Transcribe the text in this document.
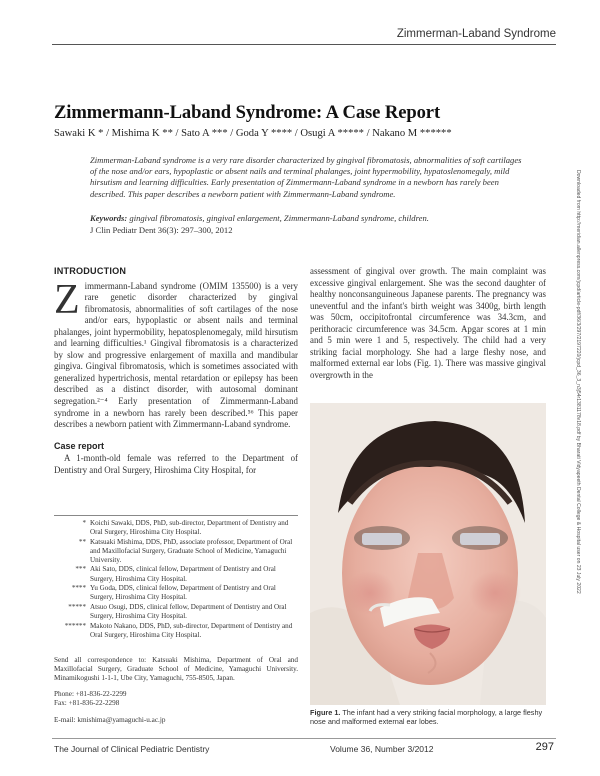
Zimmerman-Laband Syndrome
Zimmermann-Laband Syndrome: A Case Report
Sawaki K * / Mishima K ** / Sato A *** / Goda Y **** / Osugi A ***** / Nakano M ******

Zimmerman-Laband syndrome is a very rare disorder characterized by gingival fibromatosis, abnormalities of soft cartilages of the nose and/or ears, hypoplastic or absent nails and terminal phalanges, joint hypermobility, hypatoslenomegaly, mild hirsutism and learning difficulties. Early presentation of Zimmermann-Laband syndrome in a newborn has rarely been described. This paper describes a newborn patient with Zimmermann-Laband syndrome.

Keywords: gingival fibromatosis, gingival enlargement, Zimmermann-Laband syndrome, children.

J Clin Pediatr Dent 36(3): 297–300, 2012	Downloaded from http://meridian.allenpress.com/jcpd/article-pdf/36/3/297/2197220/jcpd_36_3_n3j54r1381178v18.pdf by Bharati Vidyapeeth Dental College & Hospital user on 23 July 2022
INTRODUCTION

Zimmermann-Laband syndrome (OMIM 135500) is a very rare genetic disorder characterized by gingival fibromatosis, abnormalities of soft cartilages of the nose and/or ears, hypoplastic or absent nails and terminal phalanges, joint hypermobility, hepatosplenomegaly, mild hirsutism and learning difficulties.¹ Gingival fibromatosis is a characterized by slow and progressive enlargement of maxilla and mandibular gingiva. Gingival fibromatosis, which is sometimes associated with generalized hypertrichosis, mental retardation or epilepsy has been described as a distinct disorder, with autosomal dominant segregation.²⁻⁴ Early presentation of Zimmermann-Laband syndrome in a newborn has rarely been described.⁵⁶ This paper describes a newborn patient with Zimmermann-Laband syndrome.

Case report

A 1-month-old female was referred to the Department of Dentistry and Oral Surgery, Hiroshima City Hospital, for

* Koichi Sawaki, DDS, PhD, sub-director, Department of Dentistry and Oral Surgery, Hiroshima City Hospital.
** Katsuaki Mishima, DDS, PhD, associate professor, Department of Oral and Maxillofacial Surgery, Graduate School of Medicine, Yamaguchi University.
*** Aki Sato, DDS, clinical fellow, Department of Dentistry and Oral Surgery, Hiroshima City Hospital.
**** Yu Goda, DDS, clinical fellow, Department of Dentistry and Oral Surgery, Hiroshima City Hospital.
***** Atsuo Osugi, DDS, clinical fellow, Department of Dentistry and Oral Surgery, Hiroshima City Hospital.
****** Makoto Nakano, DDS, PhD, sub-director, Department of Dentistry and Oral Surgery, Hiroshima City Hospital.

Send all correspondence to: Katsuaki Mishima, Department of Oral and Maxillofacial Surgery, Graduate School of Medicine, Yamaguchi University. Minamikogushi 1-1-1, Ube City, Yamaguchi, 755-8505, Japan.

Phone: +81-836-22-2299
Fax: +81-836-22-2298
E-mail: kmishima@yamaguchi-u.ac.jp

assessment of gingival over growth. The main complaint was excessive gingival enlargement. She was the second daughter of healthy nonconsanguineous Japanese parents. The pregnancy was uneventful and the infant's birth weight was 3400g, birth length was 50cm, occipitofrontal circumference was 34.3cm, and perithoracic circumference was 34.5cm. Apgar scores at 1 min and 5 min were 1 and 5, respectively. The child had a very striking facial morphology. She had a large fleshy nose, and malformed external ear lobs (Fig. 1). There was massive gingival overgrowth in the

Figure 1. The infant had a very striking facial morphology, a large fleshy nose and malformed external ear lobes.

The Journal of Clinical Pediatric Dentistry	Volume 36, Number 3/2012	297
